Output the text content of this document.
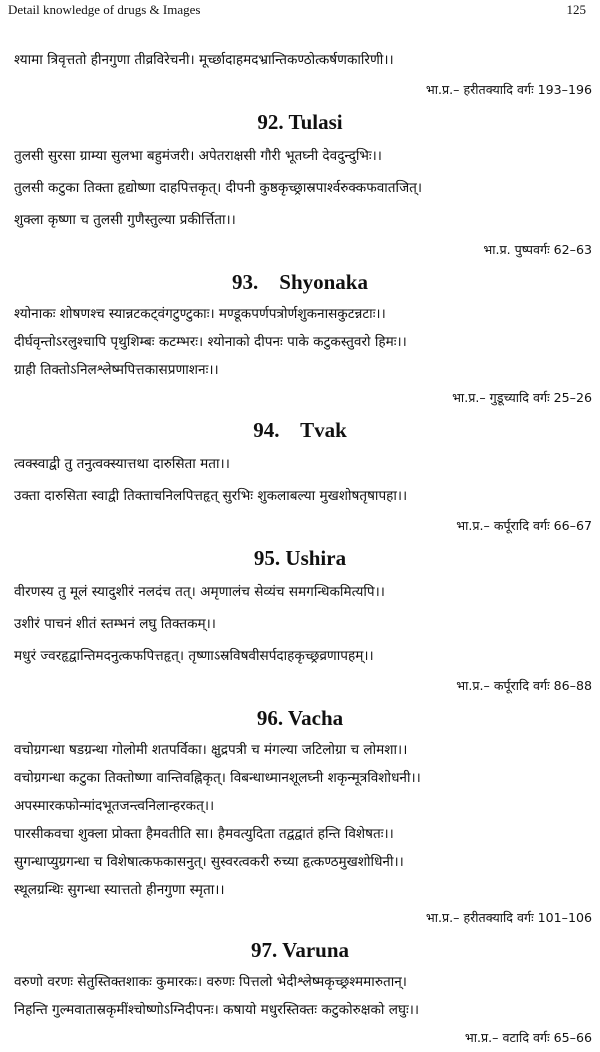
Detail knowledge of drugs & Images	125
श्यामा त्रिवृत्ततो हीनगुणा तीव्रविरेचनी। मूर्च्छादाहमदभ्रान्तिकण्ठोत्कर्षणकारिणी।।
भा.प्र.– हरीतक्यादि वर्गः 193–196
92. Tulasi
तुलसी सुरसा ग्राम्या सुलभा बहुमंजरी। अपेतराक्षसी गौरी भूतघ्नी देवदुन्दुभिः।।
तुलसी कटुका तिक्ता हृद्योष्णा दाहपित्तकृत्। दीपनी कुष्ठकृच्छ्रास्रपार्श्वरुक्कफवातजित्।
शुक्ला कृष्णा च तुलसी गुणैस्तुल्या प्रकीर्त्तिता।।
भा.प्र. पुष्पवर्गः 62–63
93.    Shyonaka
श्योनाकः शोषणश्च स्यान्नटकट्वंगटुण्टुकाः। मण्डूकपर्णपत्रोर्णशुकनासकुटन्नटाः।।
दीर्घवृन्तोऽरलुश्चापि पृथुशिम्बः कटम्भरः। श्योनाको दीपनः पाके कटुकस्तुवरो हिमः।।
ग्राही तिक्तोऽनिलश्लेष्मपित्तकासप्रणाशनः।।
भा.प्र.– गुडूच्यादि वर्गः 25–26
94.    Tvak
त्वक्स्वाद्वी तु तनुत्वक्स्यात्तथा दारुसिता मता।।
उक्ता दारुसिता स्वाद्वी तिक्ताचनिलपित्तहृत् सुरभिः शुकलाबल्या मुखशोषतृषापहा।।
भा.प्र.– कर्पूरादि वर्गः 66–67
95. Ushira
वीरणस्य तु मूलं स्यादुशीरं नलदंच तत्। अमृणालंच सेव्यंच समगन्धिकमित्यपि।।
उशीरं पाचनं शीतं स्तम्भनं लघु तिक्तकम्।।
मधुरं ज्वरहृद्वान्तिमदनुत्कफपित्तहृत्। तृष्णाऽस्रविषवीसर्पदाहकृच्छ्रव्रणापहम्।।
भा.प्र.– कर्पूरादि वर्गः 86–88
96. Vacha
वचोग्रगन्धा षडग्रन्था गोलोमी शतपर्विका। क्षुद्रपत्री च मंगल्या जटिलोग्रा च लोमशा।।
वचोग्रगन्धा कटुका तिक्तोष्णा वान्तिवह्निकृत्। विबन्धाध्मानशूलघ्नी शकृन्मूत्रविशोधनी।।
अपस्मारकफोन्मांदभूतजन्त्वनिलान्हरकत्।।
पारसीकवचा शुक्ला प्रोक्ता हैमवतीति सा। हैमवत्युदिता तद्वद्वातं हन्ति विशेषतः।।
सुगन्धाप्युग्रगन्धा च विशेषात्कफकासनुत्। सुस्वरत्वकरी रुच्या हृत्कण्ठमुखशोधिनी।।
स्थूलग्रन्थिः सुगन्धा स्यात्ततो हीनगुणा स्मृता।।
भा.प्र.– हरीतक्यादि वर्गः 101–106
97. Varuna
वरुणो वरणः सेतुस्तिक्तशाकः कुमारकः। वरुणः पित्तलो भेदीश्लेष्मकृच्छ्रश्ममारुतान्।
निहन्ति गुल्मवातास्रकृमींश्चोष्णोऽग्निदीपनः। कषायो मधुरस्तिक्तः कटुकोरुक्षको लघुः।।
भा.प्र.– वटादि वर्गः 65–66
